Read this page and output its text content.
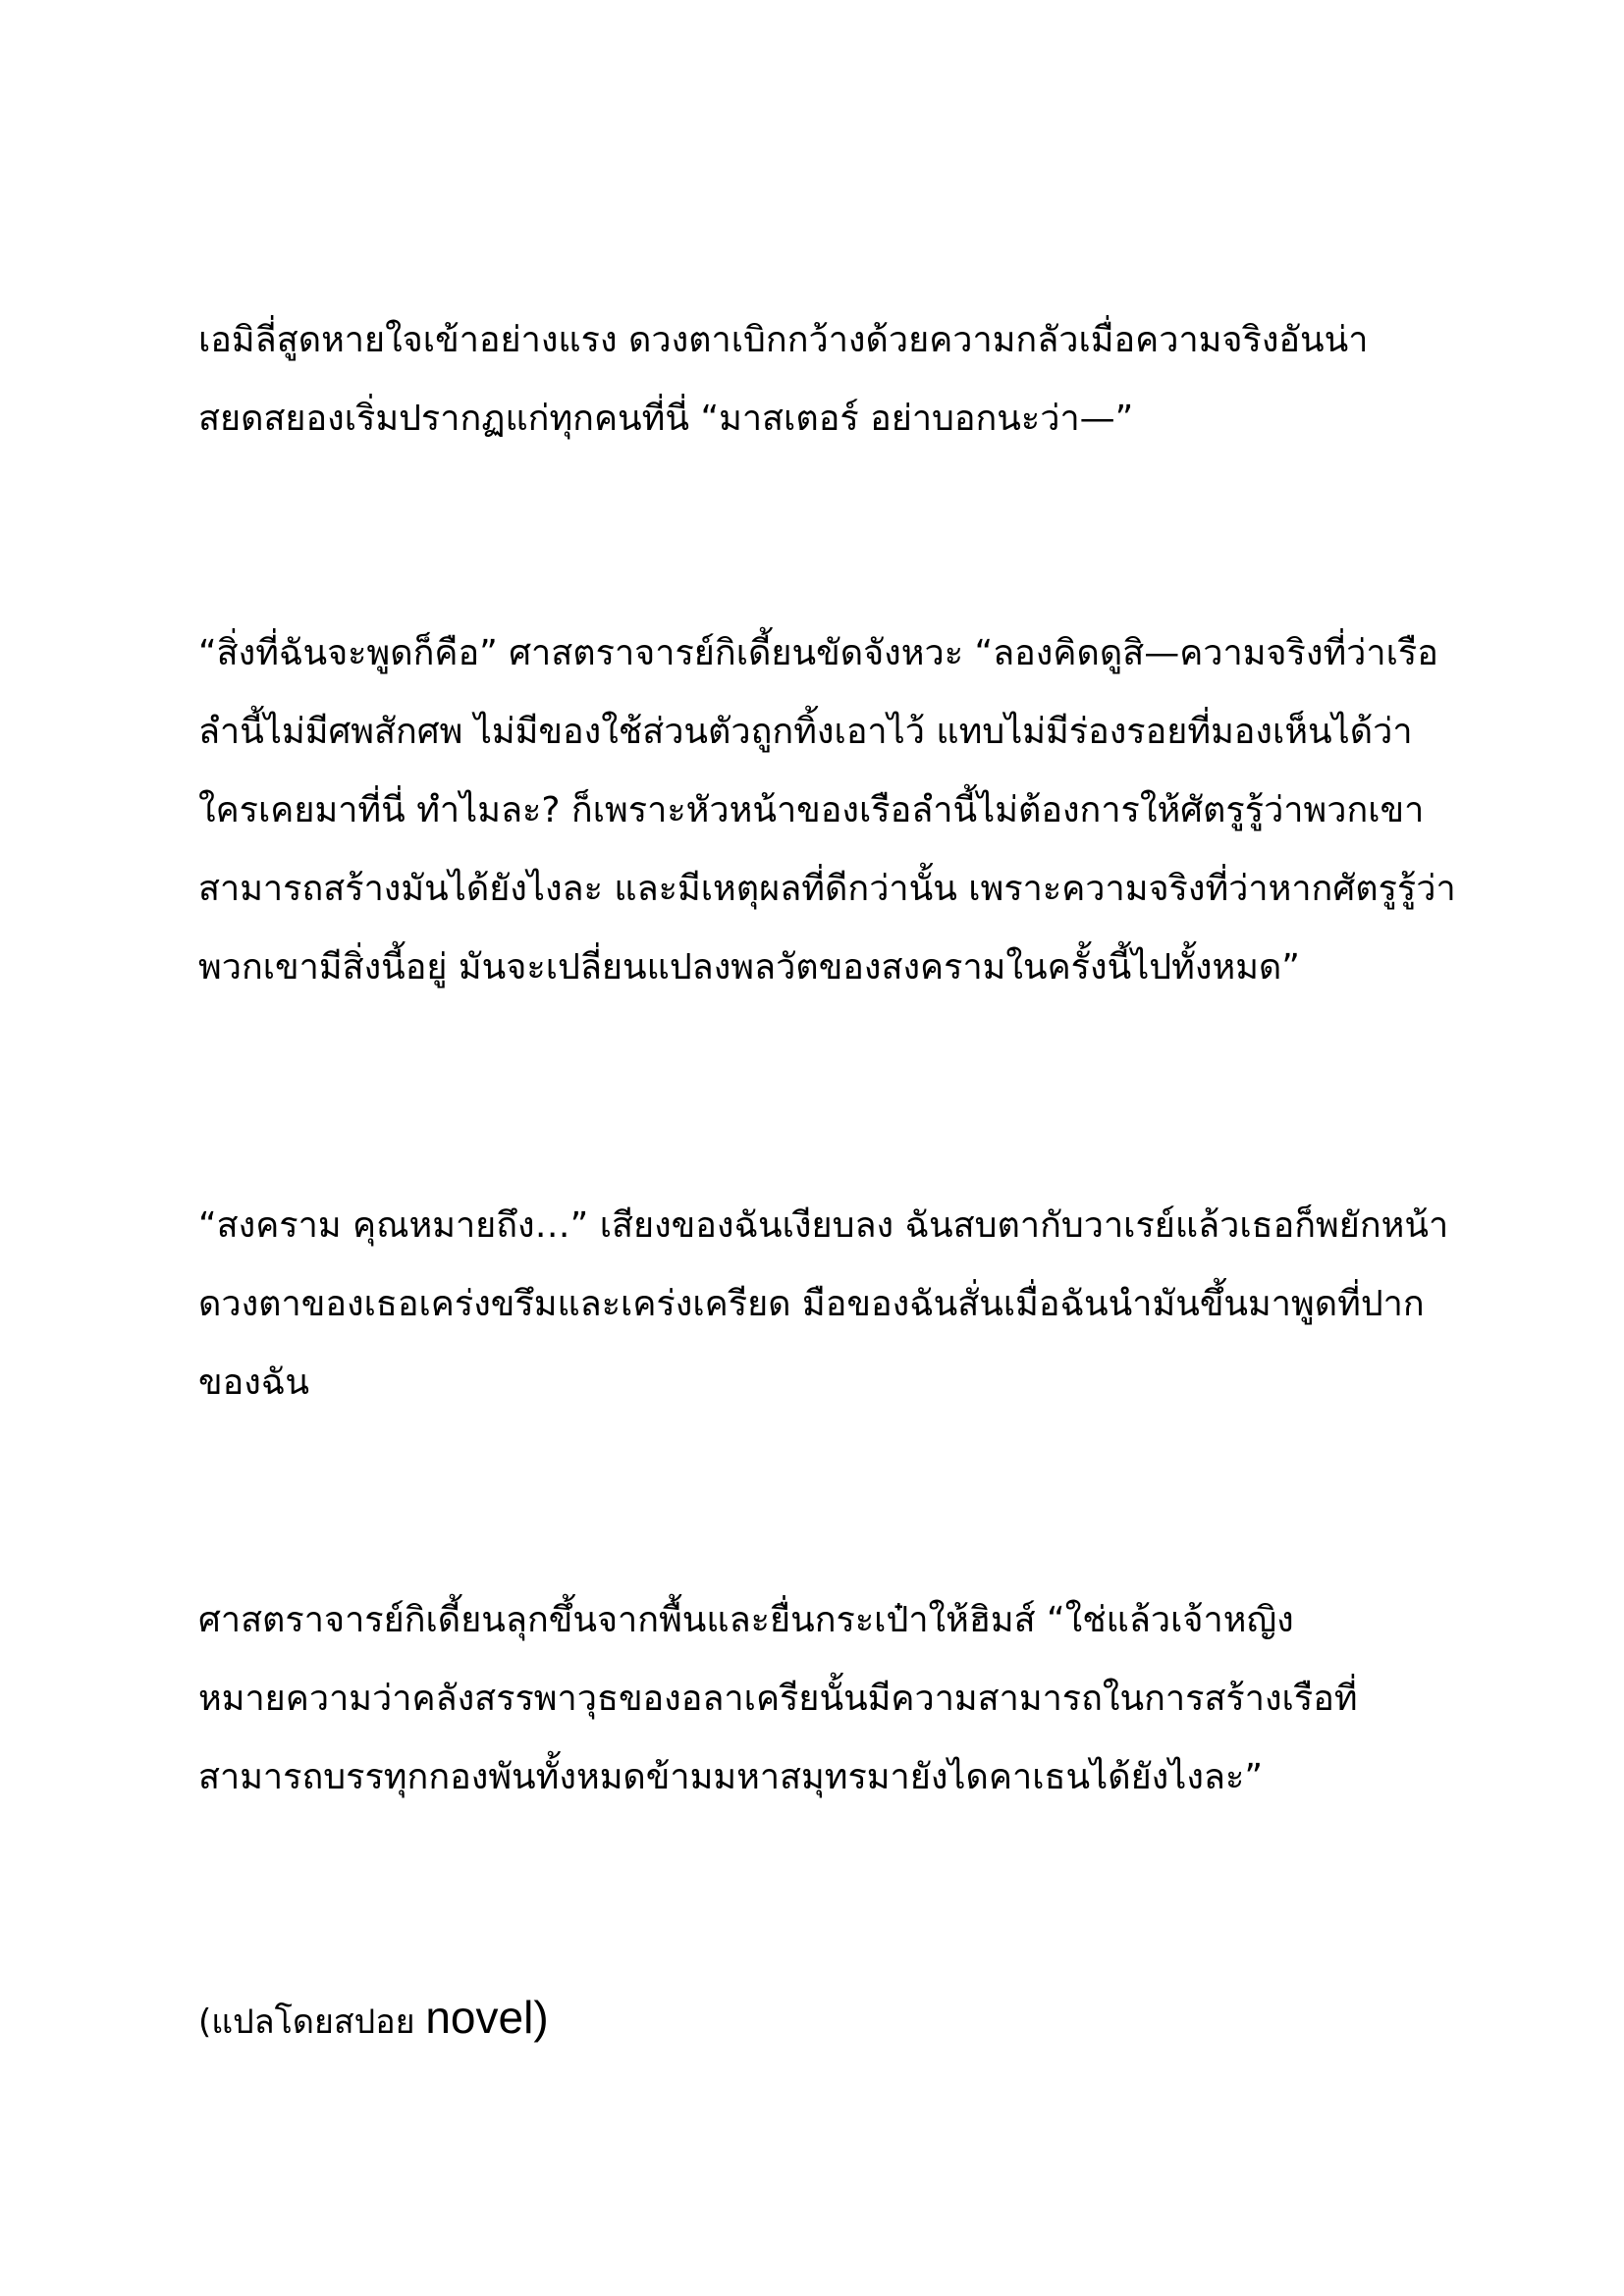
เอมิลี่สูดหายใจเข้าอย่างแรง ดวงตาเบิกกว้างด้วยความกลัวเมื่อความจริงอันน่า
สยดสยองเริ่มปรากฏแก่ทุกคนที่นี่ “มาสเตอร์ อย่าบอกนะว่า—”

“สิ่งที่ฉันจะพูดก็คือ” ศาสตราจารย์กิเดี้ยนขัดจังหวะ “ลองคิดดูสิ—ความจริงที่ว่าเรือ
ลำนี้ไม่มีศพสักศพ ไม่มีของใช้ส่วนตัวถูกทิ้งเอาไว้ แทบไม่มีร่องรอยที่มองเห็นได้ว่า
ใครเคยมาที่นี่ ทำไมละ? ก็เพราะหัวหน้าของเรือลำนี้ไม่ต้องการให้ศัตรูรู้ว่าพวกเขา
สามารถสร้างมันได้ยังไงละ และมีเหตุผลที่ดีกว่านั้น เพราะความจริงที่ว่าหากศัตรูรู้ว่า
พวกเขามีสิ่งนี้อยู่ มันจะเปลี่ยนแปลงพลวัตของสงครามในครั้งนี้ไปทั้งหมด”

“สงคราม คุณหมายถึง…” เสียงของฉันเงียบลง ฉันสบตากับวาเรย์แล้วเธอก็พยักหน้า
ดวงตาของเธอเคร่งขรึมและเคร่งเครียด มือของฉันสั่นเมื่อฉันนำมันขึ้นมาพูดที่ปาก
ของฉัน

ศาสตราจารย์กิเดี้ยนลุกขึ้นจากพื้นและยื่นกระเป๋าให้ฮิมส์ “ใช่แล้วเจ้าหญิง
หมายความว่าคลังสรรพาวุธของอลาเครียนั้นมีความสามารถในการสร้างเรือที่
สามารถบรรทุกกองพันทั้งหมดข้ามมหาสมุทรมายังไดคาเธนได้ยังไงละ”

(แปลโดยสปอย novel)
